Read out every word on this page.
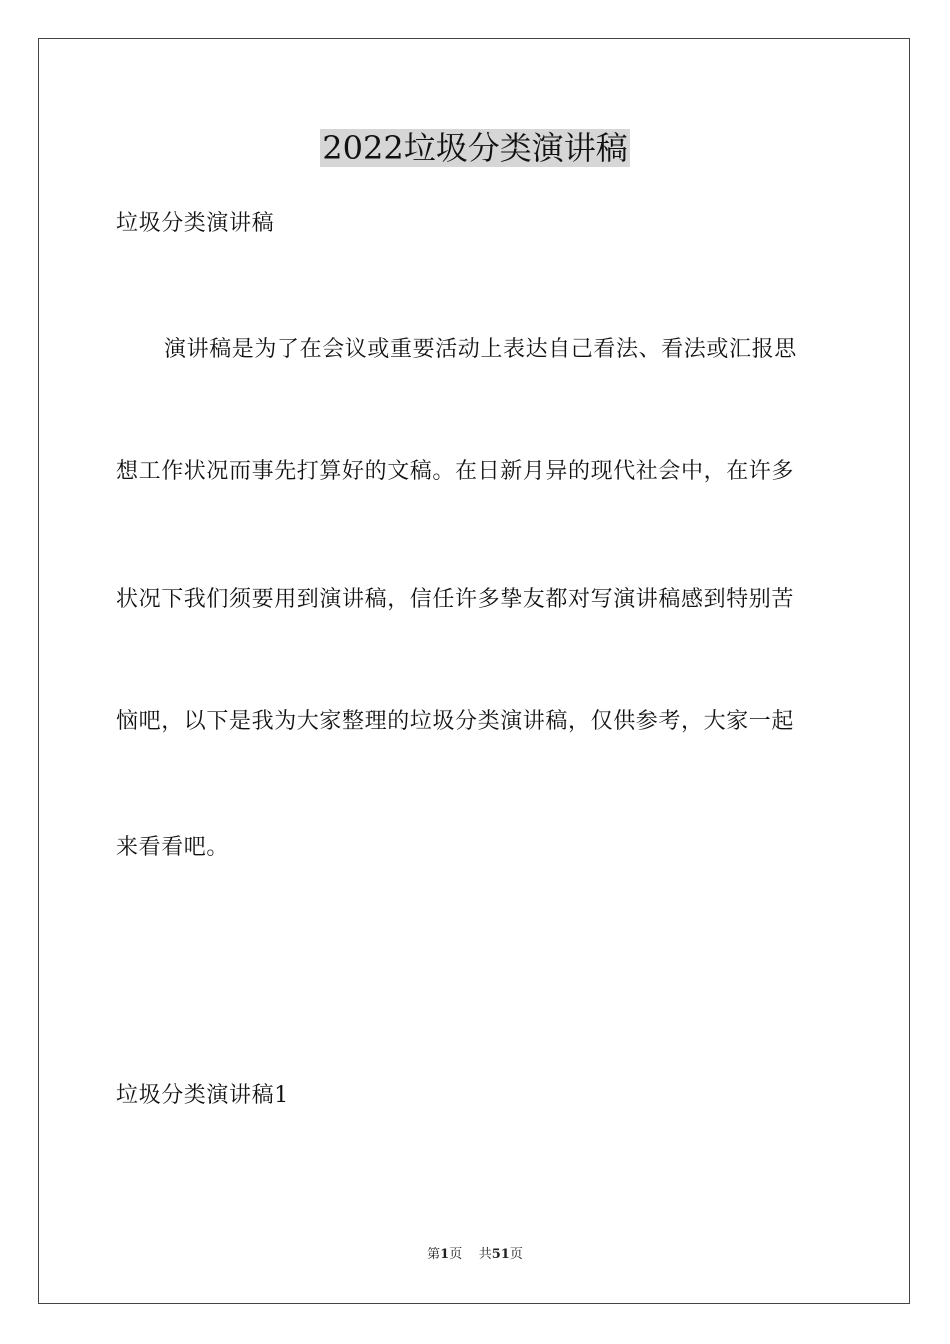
2022垃圾分类演讲稿
垃圾分类演讲稿
演讲稿是为了在会议或重要活动上表达自己看法、看法或汇报思
想工作状况而事先打算好的文稿。在日新月异的现代社会中，在许多
状况下我们须要用到演讲稿，信任许多挚友都对写演讲稿感到特别苦
恼吧，以下是我为大家整理的垃圾分类演讲稿，仅供参考，大家一起
来看看吧。
垃圾分类演讲稿1
第1页 共51页
